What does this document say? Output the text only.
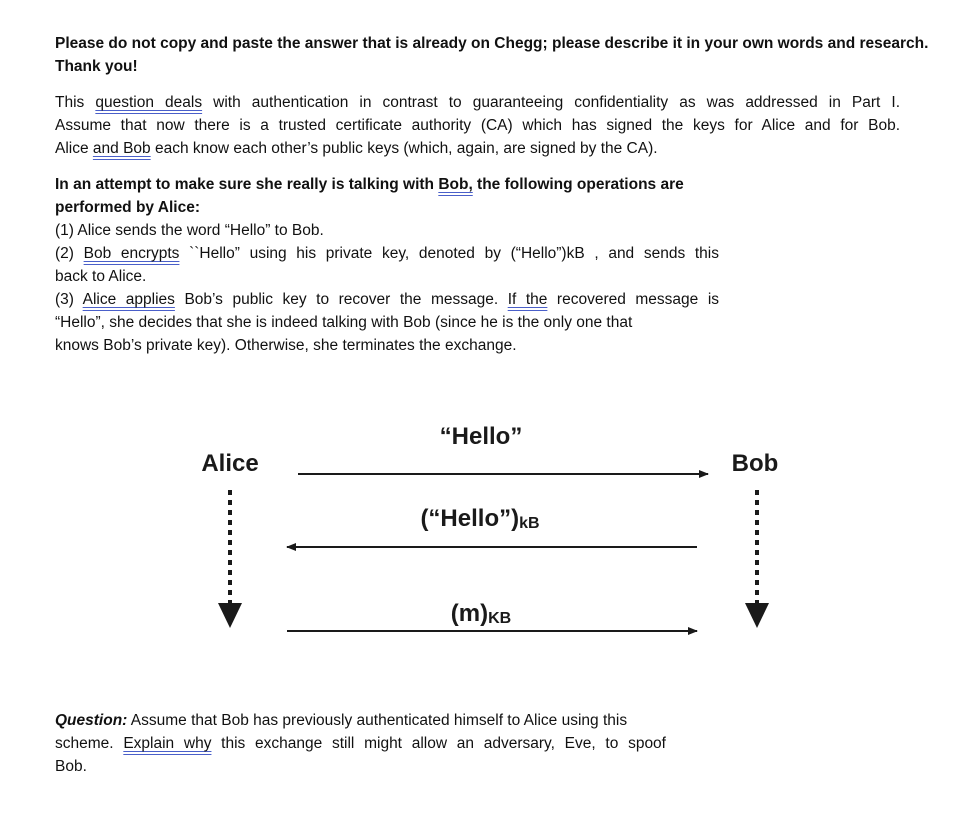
Please do not copy and paste the answer that is already on Chegg; please describe it in your own words and research.
Thank you!
This question deals with authentication in contrast to guaranteeing confidentiality as was addressed in Part I.
Assume that now there is a trusted certificate authority (CA) which has signed the keys for Alice and for Bob.
Alice and Bob each know each other’s public keys (which, again, are signed by the CA).
In an attempt to make sure she really is talking with Bob, the following operations are
performed by Alice:
(1) Alice sends the word “Hello” to Bob.
(2) Bob encrypts ``Hello” using his private key, denoted by (“Hello”)kB , and sends this
back to Alice.
(3) Alice applies Bob’s public key to recover the message. If the recovered message is
“Hello”, she decides that she is indeed talking with Bob (since he is the only one that
knows Bob’s private key). Otherwise, she terminates the exchange.
Alice	Bob
“Hello”
(“Hello”)kB
(m)KB
Question: Assume that Bob has previously authenticated himself to Alice using this
scheme. Explain why this exchange still might allow an adversary, Eve, to spoof
Bob.
